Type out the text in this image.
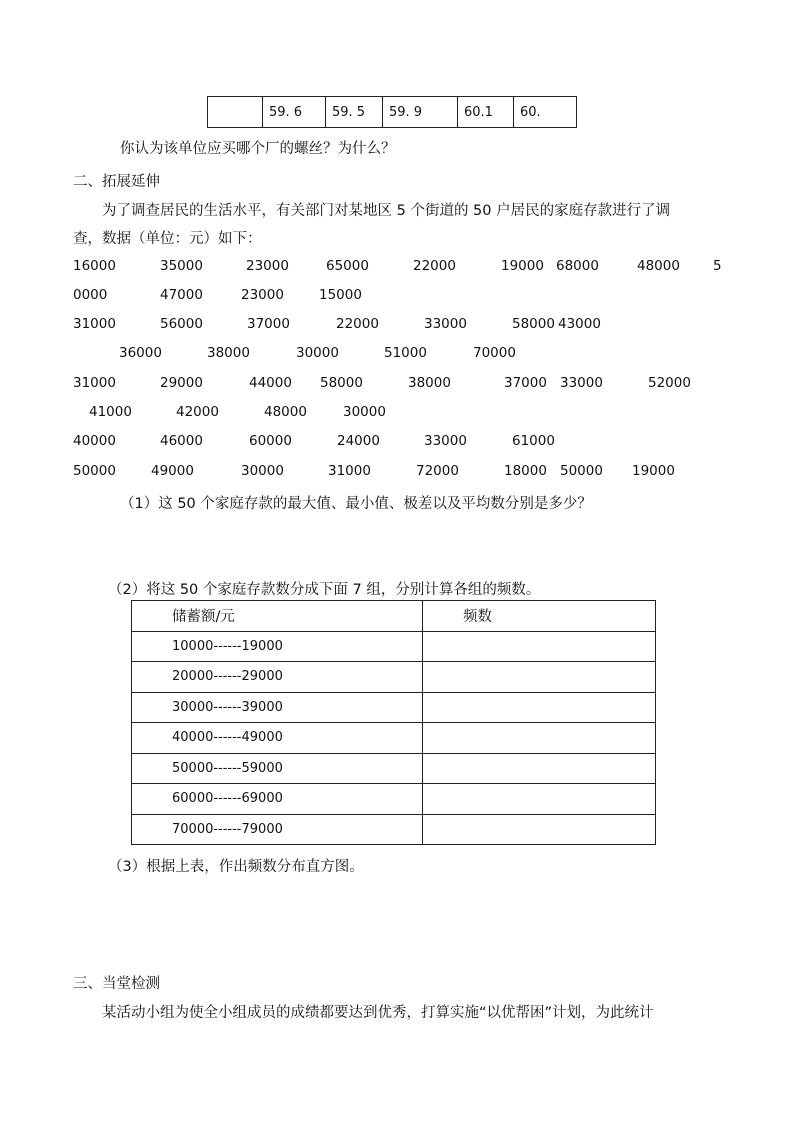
	59. 6	59. 5	59. 9	60.1	60.
你认为该单位应买哪个厂的螺丝？为什么？
二、拓展延伸
为了调查居民的生活水平，有关部门对某地区 5 个街道的 50 户居民的家庭存款进行了调
查，数据（单位：元）如下：
16000	35000	23000	65000	22000	19000 68000	48000 5
0000	47000	23000	15000
31000	56000	37000	22000	33000	58000 43000
36000	38000	30000	51000	70000
31000	29000	44000 58000	38000	37000 33000	52000
41000	42000	48000	30000
40000	46000	60000	24000	33000	61000
50000	49000	30000	31000	72000	18000 50000 19000
（1）这 50 个家庭存款的最大值、最小值、极差以及平均数分别是多少？
（2）将这 50 个家庭存款数分成下面 7 组，分别计算各组的频数。
储蓄额/元	频数
10000------19000	
20000------29000	
30000------39000	
40000------49000	
50000------59000	
60000------69000	
70000------79000	
（3）根据上表，作出频数分布直方图。
三、当堂检测
某活动小组为使全小组成员的成绩都要达到优秀，打算实施“以优帮困”计划，为此统计
